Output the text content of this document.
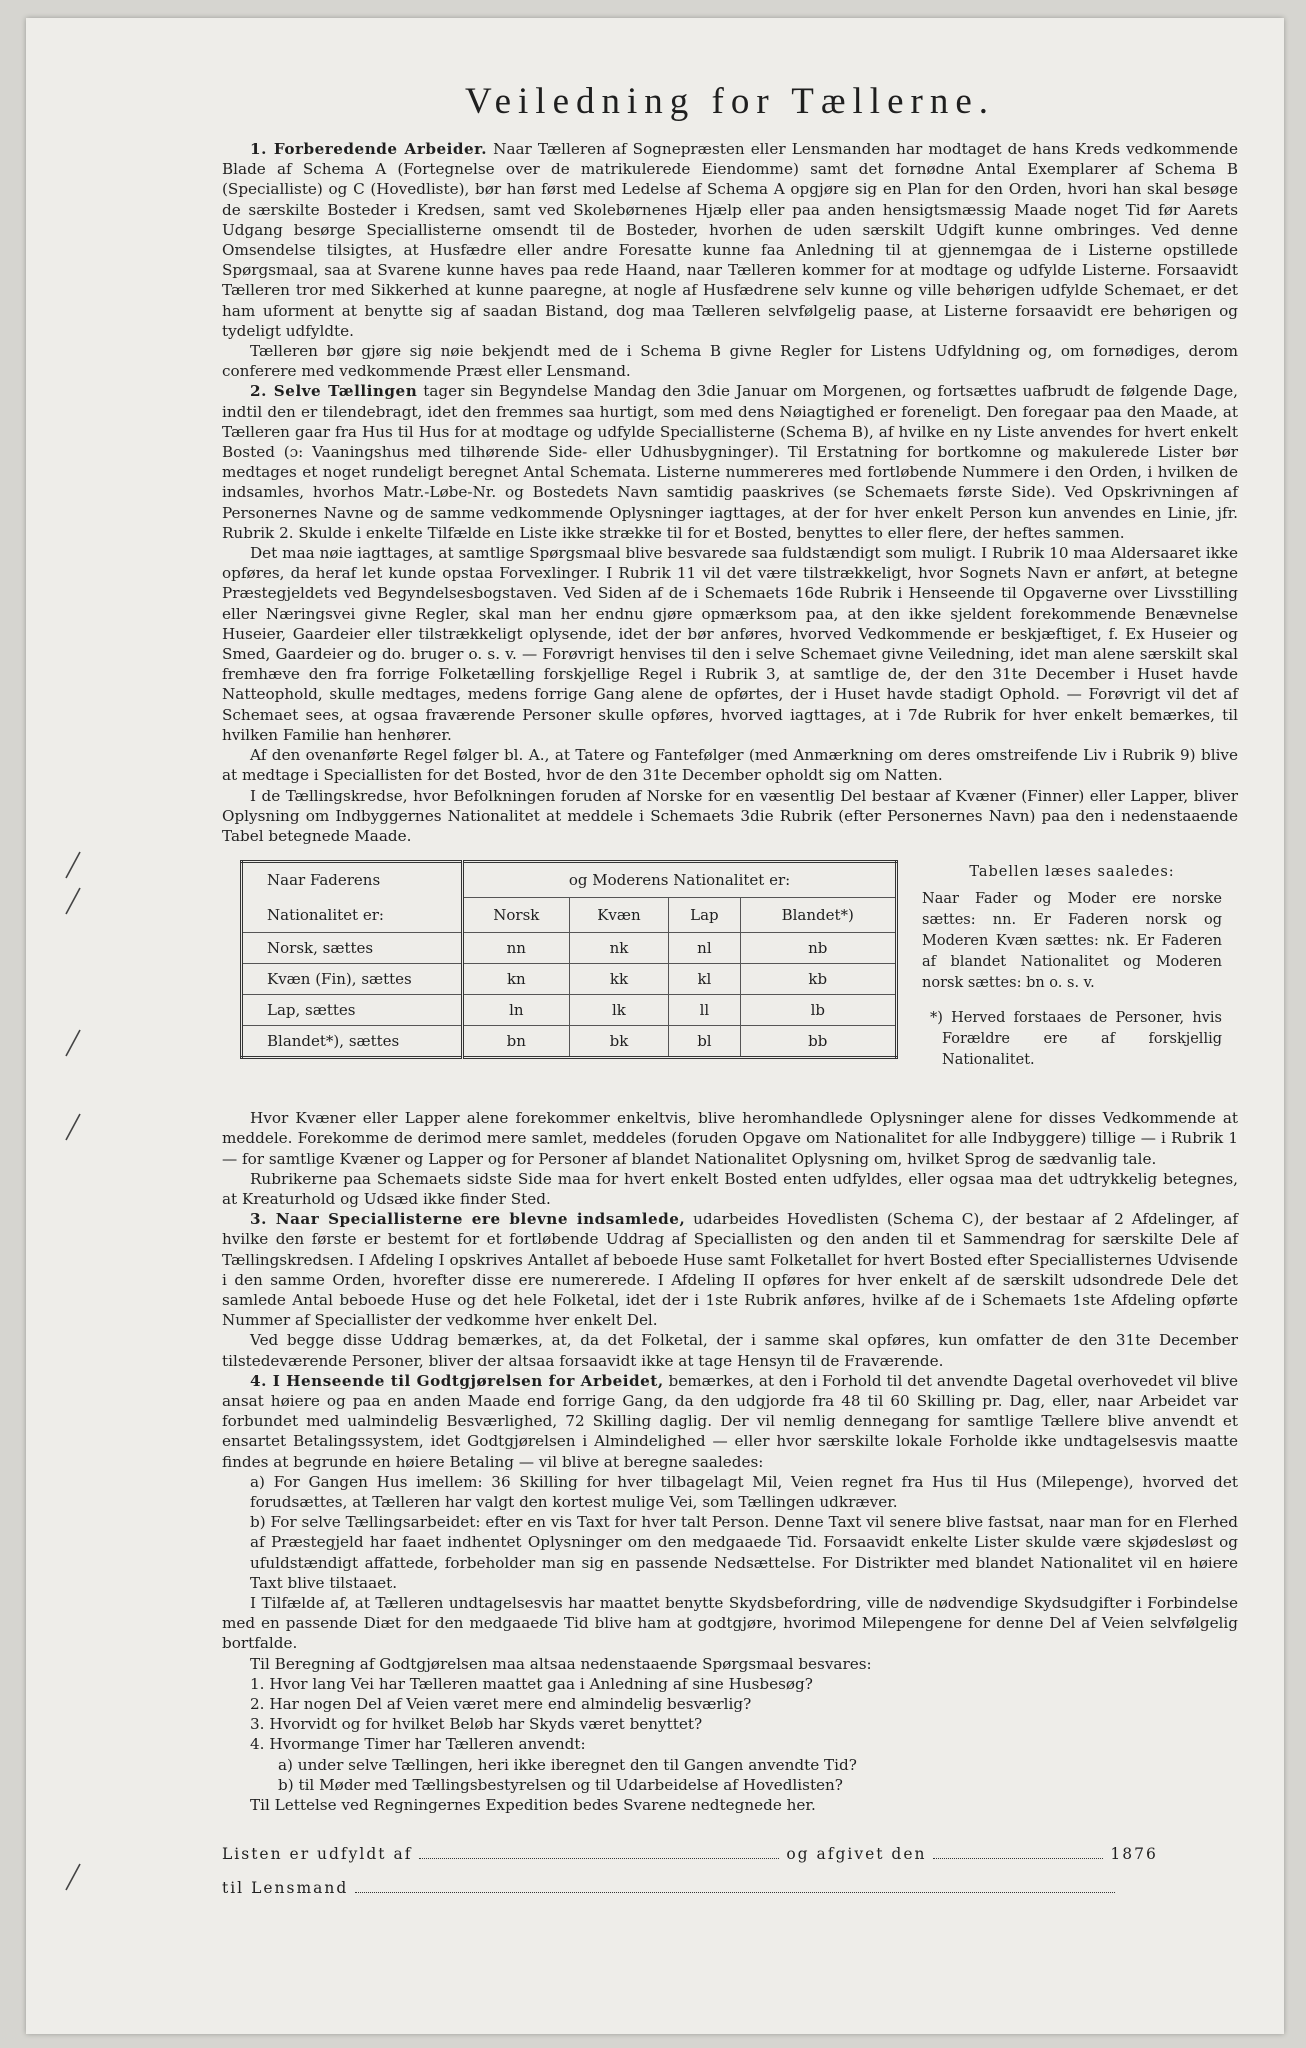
Veiledning for Tællerne.

1. Forberedende Arbeider. Naar Tælleren af Sognepræsten eller Lensmanden har modtaget de hans Kreds vedkommende Blade af Schema A (Fortegnelse over de matrikulerede Eiendomme) samt det fornødne Antal Exemplarer af Schema B (Specialliste) og C (Hovedliste), bør han først med Ledelse af Schema A opgjøre sig en Plan for den Orden, hvori han skal besøge de særskilte Bosteder i Kredsen, samt ved Skolebørnenes Hjælp eller paa anden hensigtsmæssig Maade noget Tid før Aarets Udgang besørge Speciallisterne omsendt til de Bosteder, hvorhen de uden særskilt Udgift kunne ombringes. Ved denne Omsendelse tilsigtes, at Husfædre eller andre Foresatte kunne faa Anledning til at gjennemgaa de i Listerne opstillede Spørgsmaal, saa at Svarene kunne haves paa rede Haand, naar Tælleren kommer for at modtage og udfylde Listerne. Forsaavidt Tælleren tror med Sikkerhed at kunne paaregne, at nogle af Husfædrene selv kunne og ville behørigen udfylde Schemaet, er det ham uforment at benytte sig af saadan Bistand, dog maa Tælleren selvfølgelig paase, at Listerne forsaavidt ere behørigen og tydeligt udfyldte.

Tælleren bør gjøre sig nøie bekjendt med de i Schema B givne Regler for Listens Udfyldning og, om fornødiges, derom conferere med vedkommende Præst eller Lensmand.

2. Selve Tællingen tager sin Begyndelse Mandag den 3die Januar om Morgenen, og fortsættes uafbrudt de følgende Dage, indtil den er tilendebragt, idet den fremmes saa hurtigt, som med dens Nøiagtighed er foreneligt. Den foregaar paa den Maade, at Tælleren gaar fra Hus til Hus for at modtage og udfylde Speciallisterne (Schema B), af hvilke en ny Liste anvendes for hvert enkelt Bosted (ɔ: Vaaningshus med tilhørende Side- eller Udhusbygninger). Til Erstatning for bortkomne og makulerede Lister bør medtages et noget rundeligt beregnet Antal Schemata. Listerne nummereres med fortløbende Nummere i den Orden, i hvilken de indsamles, hvorhos Matr.-Løbe-Nr. og Bostedets Navn samtidig paaskrives (se Schemaets første Side). Ved Opskrivningen af Personernes Navne og de samme vedkommende Oplysninger iagttages, at der for hver enkelt Person kun anvendes en Linie, jfr. Rubrik 2. Skulde i enkelte Tilfælde en Liste ikke strække til for et Bosted, benyttes to eller flere, der heftes sammen.

Det maa nøie iagttages, at samtlige Spørgsmaal blive besvarede saa fuldstændigt som muligt. I Rubrik 10 maa Aldersaaret ikke opføres, da heraf let kunde opstaa Forvexlinger. I Rubrik 11 vil det være tilstrækkeligt, hvor Sognets Navn er anført, at betegne Præstegjeldets ved Begyndelsesbogstaven. Ved Siden af de i Schemaets 16de Rubrik i Henseende til Opgaverne over Livsstilling eller Næringsvei givne Regler, skal man her endnu gjøre opmærksom paa, at den ikke sjeldent forekommende Benævnelse Huseier, Gaardeier eller tilstrækkeligt oplysende, idet der bør anføres, hvorved Vedkommende er beskjæftiget, f. Ex Huseier og Smed, Gaardeier og do. bruger o. s. v. — Forøvrigt henvises til den i selve Schemaet givne Veiledning, idet man alene særskilt skal fremhæve den fra forrige Folketælling forskjellige Regel i Rubrik 3, at samtlige de, der den 31te December i Huset havde Natteophold, skulle medtages, medens forrige Gang alene de opførtes, der i Huset havde stadigt Ophold. — Forøvrigt vil det af Schemaet sees, at ogsaa fraværende Personer skulle opføres, hvorved iagttages, at i 7de Rubrik for hver enkelt bemærkes, til hvilken Familie han henhører.

Af den ovenanførte Regel følger bl. A., at Tatere og Fantefølger (med Anmærkning om deres omstreifende Liv i Rubrik 9) blive at medtage i Speciallisten for det Bosted, hvor de den 31te December opholdt sig om Natten.

I de Tællingskredse, hvor Befolkningen foruden af Norske for en væsentlig Del bestaar af Kvæner (Finner) eller Lapper, bliver Oplysning om Indbyggernes Nationalitet at meddele i Schemaets 3die Rubrik (efter Personernes Navn) paa den i nedenstaaende Tabel betegnede Maade.

Naar Faderens	og Moderens Nationalitet er:			
Nationalitet er:	Norsk	Kvæn	Lap	Blandet*)
Norsk, sættes	nn	nk	nl	nb
Kvæn (Fin), sættes	kn	kk	kl	kb
Lap, sættes	ln	lk	ll	lb
Blandet*), sættes	bn	bk	bl	bb
Tabellen læses saaledes:

Naar Fader og Moder ere norske sættes: nn. Er Faderen norsk og Moderen Kvæn sættes: nk. Er Faderen af blandet Nationalitet og Moderen norsk sættes: bn o. s. v.

*) Herved forstaaes de Personer, hvis Forældre ere af forskjellig Nationalitet.

Hvor Kvæner eller Lapper alene forekommer enkeltvis, blive heromhandlede Oplysninger alene for disses Vedkommende at meddele. Forekomme de derimod mere samlet, meddeles (foruden Opgave om Nationalitet for alle Indbyggere) tillige — i Rubrik 1 — for samtlige Kvæner og Lapper og for Personer af blandet Nationalitet Oplysning om, hvilket Sprog de sædvanlig tale.

Rubrikerne paa Schemaets sidste Side maa for hvert enkelt Bosted enten udfyldes, eller ogsaa maa det udtrykkelig betegnes, at Kreaturhold og Udsæd ikke finder Sted.

3. Naar Speciallisterne ere blevne indsamlede, udarbeides Hovedlisten (Schema C), der bestaar af 2 Afdelinger, af hvilke den første er bestemt for et fortløbende Uddrag af Speciallisten og den anden til et Sammendrag for særskilte Dele af Tællingskredsen. I Afdeling I opskrives Antallet af beboede Huse samt Folketallet for hvert Bosted efter Speciallisternes Udvisende i den samme Orden, hvorefter disse ere numererede. I Afdeling II opføres for hver enkelt af de særskilt udsondrede Dele det samlede Antal beboede Huse og det hele Folketal, idet der i 1ste Rubrik anføres, hvilke af de i Schemaets 1ste Afdeling opførte Nummer af Speciallister der vedkomme hver enkelt Del.

Ved begge disse Uddrag bemærkes, at, da det Folketal, der i samme skal opføres, kun omfatter de den 31te December tilstedeværende Personer, bliver der altsaa forsaavidt ikke at tage Hensyn til de Fraværende.

4. I Henseende til Godtgjørelsen for Arbeidet, bemærkes, at den i Forhold til det anvendte Dagetal overhovedet vil blive ansat høiere og paa en anden Maade end forrige Gang, da den udgjorde fra 48 til 60 Skilling pr. Dag, eller, naar Arbeidet var forbundet med ualmindelig Besværlighed, 72 Skilling daglig. Der vil nemlig dennegang for samtlige Tællere blive anvendt et ensartet Betalingssystem, idet Godtgjørelsen i Almindelighed — eller hvor særskilte lokale Forholde ikke undtagelsesvis maatte findes at begrunde en høiere Betaling — vil blive at beregne saaledes:

a) For Gangen Hus imellem: 36 Skilling for hver tilbagelagt Mil, Veien regnet fra Hus til Hus (Milepenge), hvorved det forudsættes, at Tælleren har valgt den kortest mulige Vei, som Tællingen udkræver.

b) For selve Tællingsarbeidet: efter en vis Taxt for hver talt Person. Denne Taxt vil senere blive fastsat, naar man for en Flerhed af Præstegjeld har faaet indhentet Oplysninger om den medgaaede Tid. Forsaavidt enkelte Lister skulde være skjødesløst og ufuldstændigt affattede, forbeholder man sig en passende Nedsættelse. For Distrikter med blandet Nationalitet vil en høiere Taxt blive tilstaaet.

I Tilfælde af, at Tælleren undtagelsesvis har maattet benytte Skydsbefordring, ville de nødvendige Skydsudgifter i Forbindelse med en passende Diæt for den medgaaede Tid blive ham at godtgjøre, hvorimod Milepengene for denne Del af Veien selvfølgelig bortfalde.

Til Beregning af Godtgjørelsen maa altsaa nedenstaaende Spørgsmaal besvares:

1. Hvor lang Vei har Tælleren maattet gaa i Anledning af sine Husbesøg?
2. Har nogen Del af Veien været mere end almindelig besværlig?
3. Hvorvidt og for hvilket Beløb har Skyds været benyttet?
4. Hvormange Timer har Tælleren anvendt:
a) under selve Tællingen, heri ikke iberegnet den til Gangen anvendte Tid?
b) til Møder med Tællingsbestyrelsen og til Udarbeidelse af Hovedlisten?

Til Lettelse ved Regningernes Expedition bedes Svarene nedtegnede her.

Listen er udfyldt af	og afgivet den	1876
til Lensmand
